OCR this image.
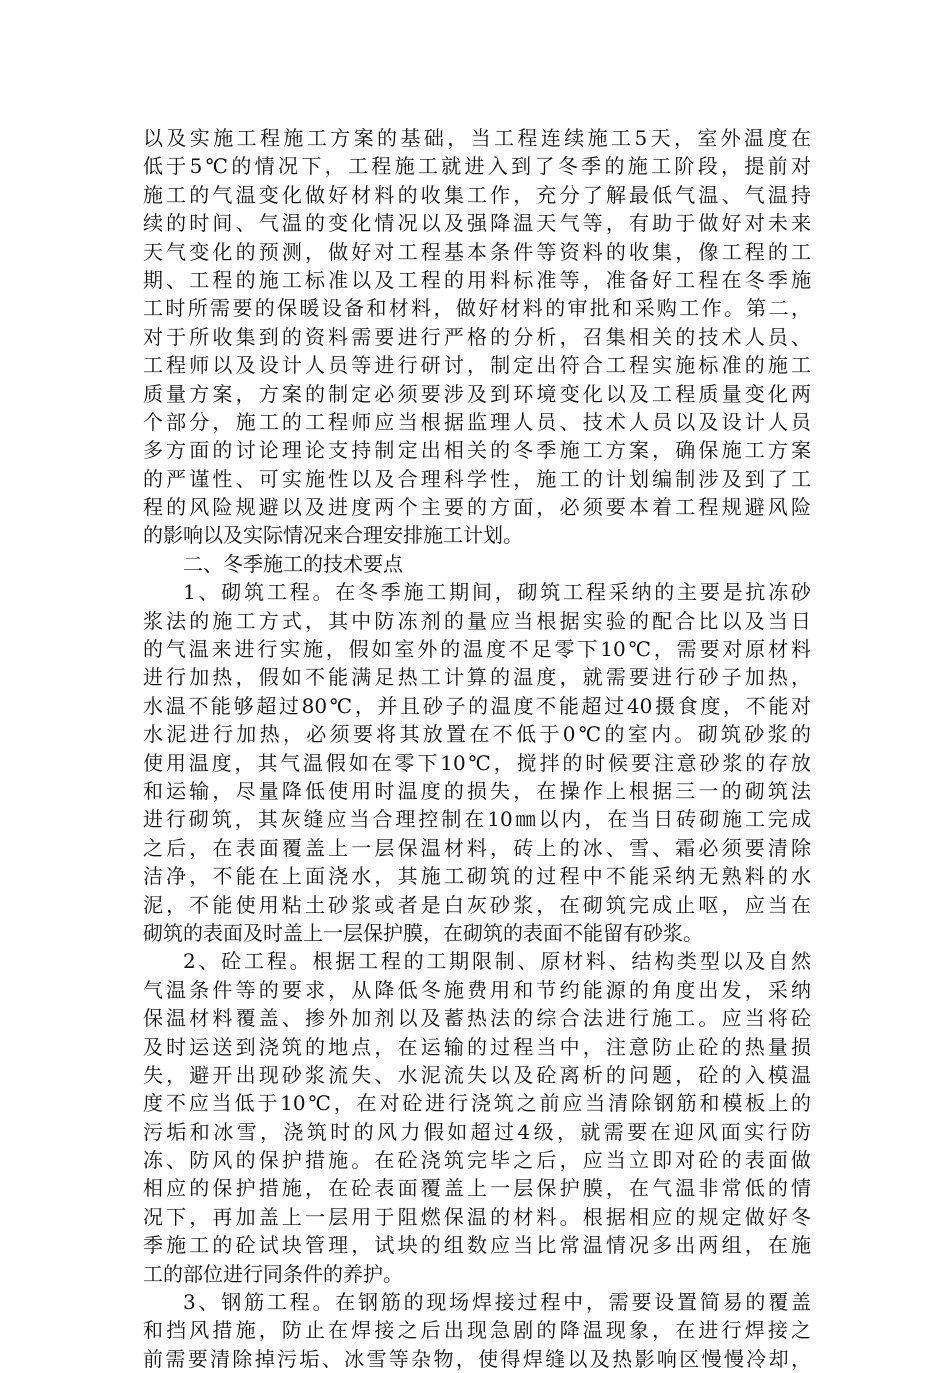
以及实施工程施工方案的基础，当工程连续施工5天，室外温度在
低于5℃的情况下，工程施工就进入到了冬季的施工阶段，提前对
施工的气温变化做好材料的收集工作，充分了解最低气温、气温持
续的时间、气温的变化情况以及强降温天气等，有助于做好对未来
天气变化的预测，做好对工程基本条件等资料的收集，像工程的工
期、工程的施工标准以及工程的用料标准等，准备好工程在冬季施
工时所需要的保暖设备和材料，做好材料的审批和采购工作。第二，
对于所收集到的资料需要进行严格的分析，召集相关的技术人员、
工程师以及设计人员等进行研讨，制定出符合工程实施标准的施工
质量方案，方案的制定必须要涉及到环境变化以及工程质量变化两
个部分，施工的工程师应当根据监理人员、技术人员以及设计人员
多方面的讨论理论支持制定出相关的冬季施工方案，确保施工方案
的严谨性、可实施性以及合理科学性，施工的计划编制涉及到了工
程的风险规避以及进度两个主要的方面，必须要本着工程规避风险
的影响以及实际情况来合理安排施工计划。
二、冬季施工的技术要点
1、砌筑工程。在冬季施工期间，砌筑工程采纳的主要是抗冻砂
浆法的施工方式，其中防冻剂的量应当根据实验的配合比以及当日
的气温来进行实施，假如室外的温度不足零下10℃，需要对原材料
进行加热，假如不能满足热工计算的温度，就需要进行砂子加热，
水温不能够超过80℃，并且砂子的温度不能超过40摄食度，不能对
水泥进行加热，必须要将其放置在不低于0℃的室内。砌筑砂浆的
使用温度，其气温假如在零下10℃，搅拌的时候要注意砂浆的存放
和运输，尽量降低使用时温度的损失，在操作上根据三一的砌筑法
进行砌筑，其灰缝应当合理控制在10㎜以内，在当日砖砌施工完成
之后，在表面覆盖上一层保温材料，砖上的冰、雪、霜必须要清除
洁净，不能在上面浇水，其施工砌筑的过程中不能采纳无熟料的水
泥，不能使用粘土砂浆或者是白灰砂浆，在砌筑完成止呕，应当在
砌筑的表面及时盖上一层保护膜，在砌筑的表面不能留有砂浆。
2、砼工程。根据工程的工期限制、原材料、结构类型以及自然
气温条件等的要求，从降低冬施费用和节约能源的角度出发，采纳
保温材料覆盖、掺外加剂以及蓄热法的综合法进行施工。应当将砼
及时运送到浇筑的地点，在运输的过程当中，注意防止砼的热量损
失，避开出现砂浆流失、水泥流失以及砼离析的问题，砼的入模温
度不应当低于10℃，在对砼进行浇筑之前应当清除钢筋和模板上的
污垢和冰雪，浇筑时的风力假如超过4级，就需要在迎风面实行防
冻、防风的保护措施。在砼浇筑完毕之后，应当立即对砼的表面做
相应的保护措施，在砼表面覆盖上一层保护膜，在气温非常低的情
况下，再加盖上一层用于阻燃保温的材料。根据相应的规定做好冬
季施工的砼试块管理，试块的组数应当比常温情况多出两组，在施
工的部位进行同条件的养护。
3、钢筋工程。在钢筋的现场焊接过程中，需要设置简易的覆盖
和挡风措施，防止在焊接之后出现急剧的降温现象，在进行焊接之
前需要清除掉污垢、冰雪等杂物，使得焊缝以及热影响区慢慢冷却，
